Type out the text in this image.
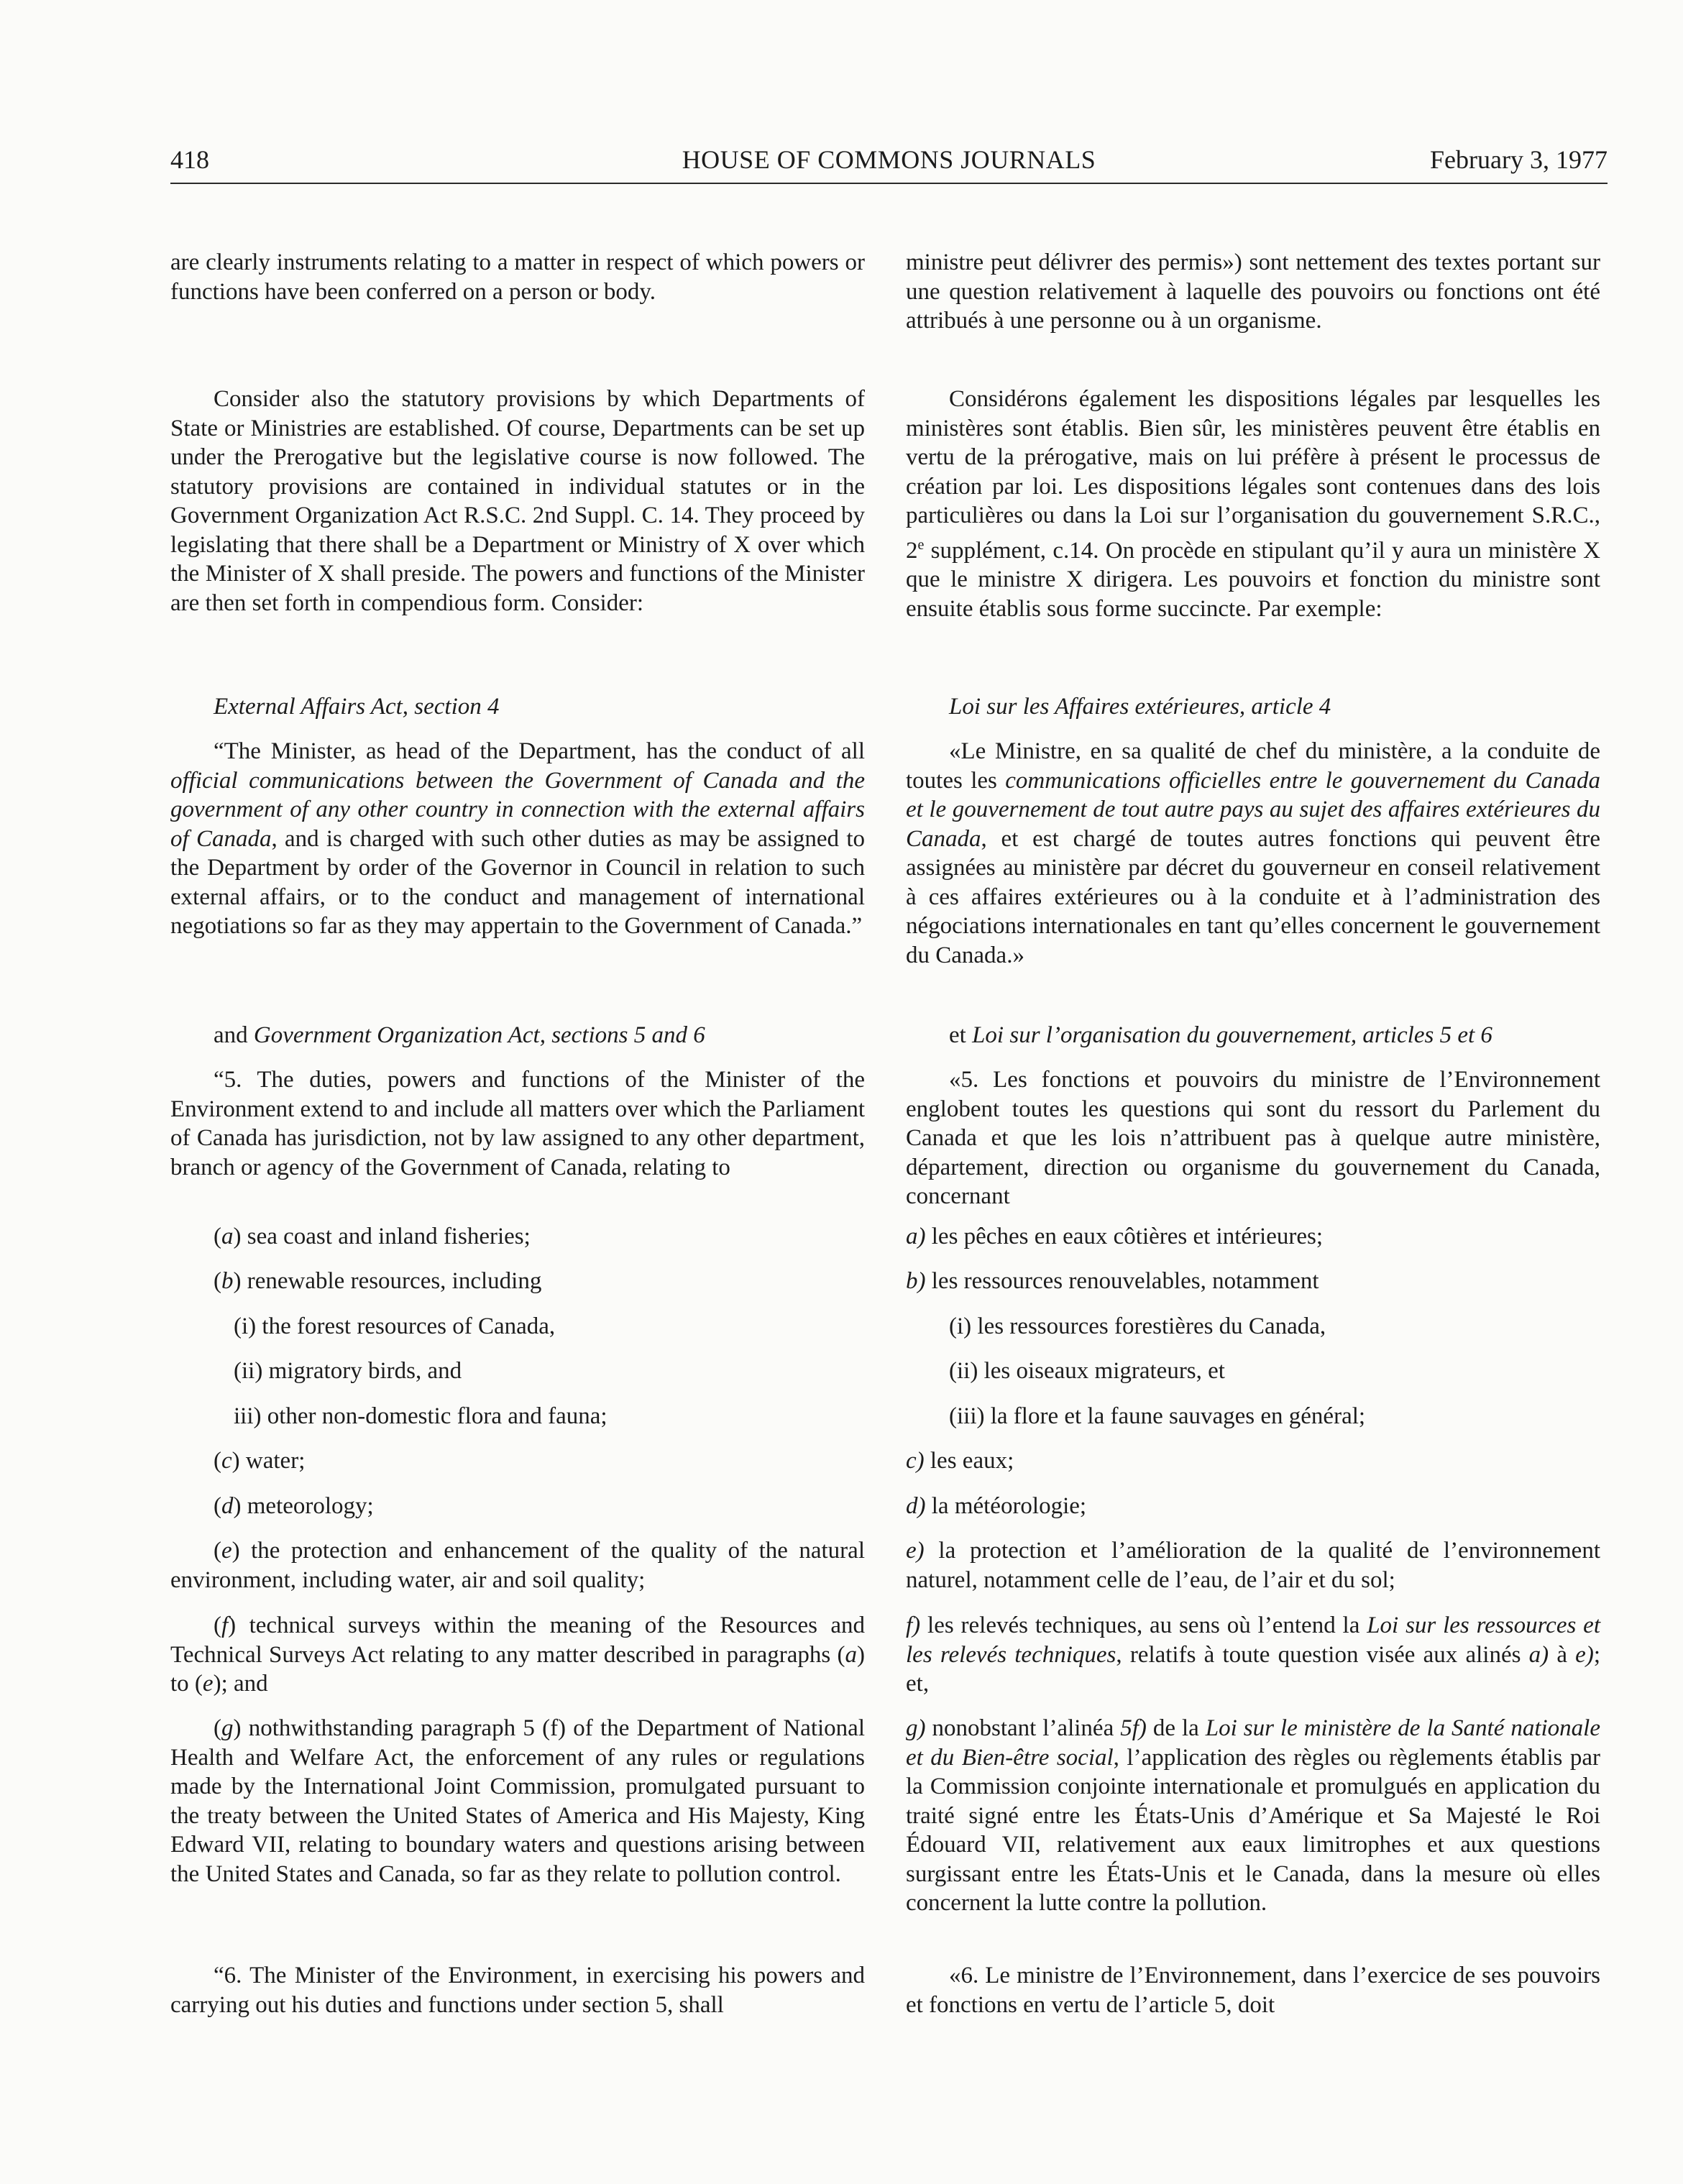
418	HOUSE OF COMMONS JOURNALS	February 3, 1977

are clearly instruments relating to a matter in respect of which powers or functions have been conferred on a person or body.

Consider also the statutory provisions by which Departments of State or Ministries are established. Of course, Departments can be set up under the Prerogative but the legislative course is now followed. The statutory provisions are contained in individual statutes or in the Government Organization Act R.S.C. 2nd Suppl. C. 14. They proceed by legislating that there shall be a Department or Ministry of X over which the Minister of X shall preside. The powers and functions of the Minister are then set forth in compendious form. Consider:

External Affairs Act, section 4

“The Minister, as head of the Department, has the conduct of all official communications between the Government of Canada and the government of any other country in connection with the external affairs of Canada, and is charged with such other duties as may be assigned to the Department by order of the Governor in Council in relation to such external affairs, or to the conduct and management of international negotiations so far as they may appertain to the Government of Canada.”

and Government Organization Act, sections 5 and 6

“5. The duties, powers and functions of the Minister of the Environment extend to and include all matters over which the Parliament of Canada has jurisdiction, not by law assigned to any other department, branch or agency of the Government of Canada, relating to

(a) sea coast and inland fisheries;

(b) renewable resources, including

(i) the forest resources of Canada,

(ii) migratory birds, and

iii) other non-domestic flora and fauna;

(c) water;

(d) meteorology;

(e) the protection and enhancement of the quality of the natural environment, including water, air and soil quality;

(f) technical surveys within the meaning of the Resources and Technical Surveys Act relating to any matter described in paragraphs (a) to (e); and

(g) nothwithstanding paragraph 5 (f) of the Department of National Health and Welfare Act, the enforcement of any rules or regulations made by the International Joint Commission, promulgated pursuant to the treaty between the United States of America and His Majesty, King Edward VII, relating to boundary waters and questions arising between the United States and Canada, so far as they relate to pollution control.

“6. The Minister of the Environment, in exercising his powers and carrying out his duties and functions under section 5, shall

ministre peut délivrer des permis») sont nettement des textes portant sur une question relativement à laquelle des pouvoirs ou fonctions ont été attribués à une personne ou à un organisme.

Considérons également les dispositions légales par lesquelles les ministères sont établis. Bien sûr, les ministères peuvent être établis en vertu de la prérogative, mais on lui préfère à présent le processus de création par loi. Les dispositions légales sont contenues dans des lois particulières ou dans la Loi sur l’organisation du gouvernement S.R.C., 2e supplément, c.14. On procède en stipulant qu’il y aura un ministère X que le ministre X dirigera. Les pouvoirs et fonction du ministre sont ensuite établis sous forme succincte. Par exemple:

Loi sur les Affaires extérieures, article 4

«Le Ministre, en sa qualité de chef du ministère, a la conduite de toutes les communications officielles entre le gouvernement du Canada et le gouvernement de tout autre pays au sujet des affaires extérieures du Canada, et est chargé de toutes autres fonctions qui peuvent être assignées au ministère par décret du gouverneur en conseil relativement à ces affaires extérieures ou à la conduite et à l’administration des négociations internationales en tant qu’elles concernent le gouvernement du Canada.»

et Loi sur l’organisation du gouvernement, articles 5 et 6

«5. Les fonctions et pouvoirs du ministre de l’Environnement englobent toutes les questions qui sont du ressort du Parlement du Canada et que les lois n’attribuent pas à quelque autre ministère, département, direction ou organisme du gouvernement du Canada, concernant

a) les pêches en eaux côtières et intérieures;

b) les ressources renouvelables, notamment

(i) les ressources forestières du Canada,

(ii) les oiseaux migrateurs, et

(iii) la flore et la faune sauvages en général;

c) les eaux;

d) la météorologie;

e) la protection et l’amélioration de la qualité de l’environnement naturel, notamment celle de l’eau, de l’air et du sol;

f) les relevés techniques, au sens où l’entend la Loi sur les ressources et les relevés techniques, relatifs à toute question visée aux alinés a) à e); et,

g) nonobstant l’alinéa 5f) de la Loi sur le ministère de la Santé nationale et du Bien-être social, l’application des règles ou règlements établis par la Commission conjointe internationale et promulgués en application du traité signé entre les États-Unis d’Amérique et Sa Majesté le Roi Édouard VII, relativement aux eaux limitrophes et aux questions surgissant entre les États-Unis et le Canada, dans la mesure où elles concernent la lutte contre la pollution.

«6. Le ministre de l’Environnement, dans l’exercice de ses pouvoirs et fonctions en vertu de l’article 5, doit
